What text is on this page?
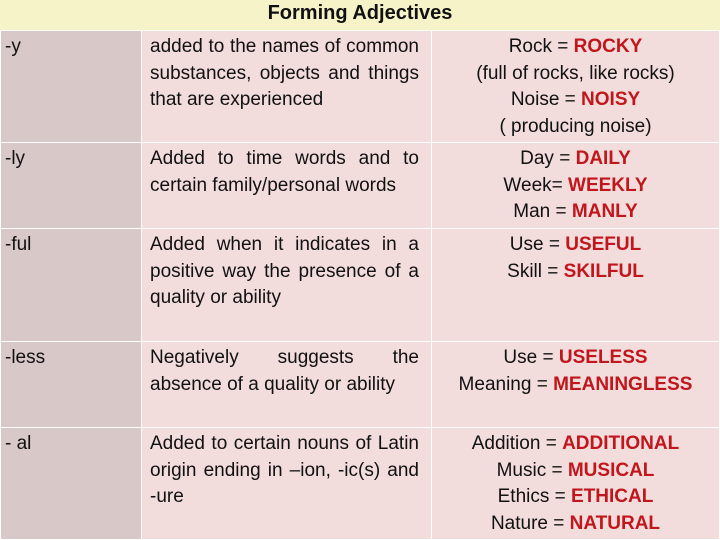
Forming Adjectives
-y	added to the names of common substances, objects and things that are experienced	Rock = ROCKY
(full of rocks, like rocks)
Noise = NOISY
( producing noise)

-ly	Added to time words and to certain family/personal words	Day = DAILY
Week= WEEKLY
Man = MANLY

-ful	Added when it indicates in a positive way the presence of a quality or ability	Use = USEFUL
Skill = SKILFUL

-less	Negatively suggests the absence of a quality or ability	Use = USELESS
Meaning = MEANINGLESS

- al	Added to certain nouns of Latin origin ending in –ion, -ic(s) and -ure	Addition = ADDITIONAL
Music = MUSICAL
Ethics = ETHICAL
Nature = NATURAL
